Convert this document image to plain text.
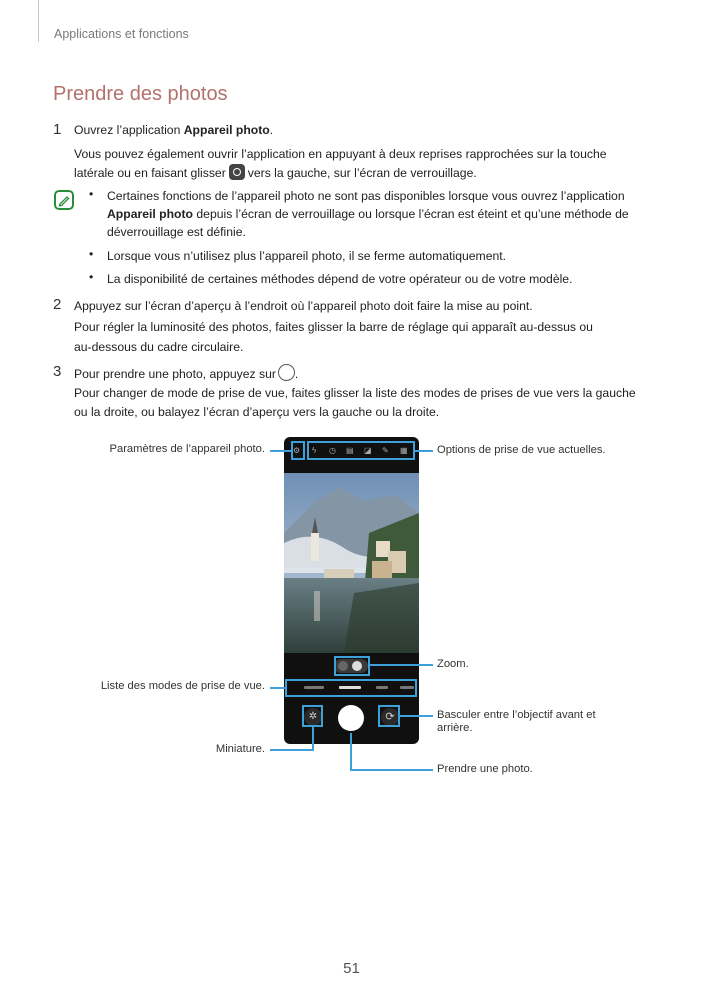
Applications et fonctions
Prendre des photos
1 Ouvrez l’application Appareil photo.
Vous pouvez également ouvrir l’application en appuyant à deux reprises rapprochées sur la touche
latérale ou en faisant glisser vers la gauche, sur l’écran de verrouillage.
• Certaines fonctions de l’appareil photo ne sont pas disponibles lorsque vous ouvrez l’application
Appareil photo depuis l’écran de verrouillage ou lorsque l’écran est éteint et qu’une méthode de
déverrouillage est définie.
• Lorsque vous n’utilisez plus l’appareil photo, il se ferme automatiquement.
• La disponibilité de certaines méthodes dépend de votre opérateur ou de votre modèle.
2 Appuyez sur l’écran d’aperçu à l’endroit où l’appareil photo doit faire la mise au point.
Pour régler la luminosité des photos, faites glisser la barre de réglage qui apparaît au-dessus ou
au-dessous du cadre circulaire.
3 Pour prendre une photo, appuyez sur .
Pour changer de mode de prise de vue, faites glisser la liste des modes de prises de vue vers la gauche
ou la droite, ou balayez l’écran d’aperçu vers la gauche ou la droite.
⚙ ϟ ◷ ▤ ◪ ✎ ▦
✲	⟳
Paramètres de l’appareil photo.	Options de prise de vue actuelles.
Zoom.
Liste des modes de prise de vue.
Basculer entre l’objectif avant et
arrière.
Miniature.
Prendre une photo.
51
